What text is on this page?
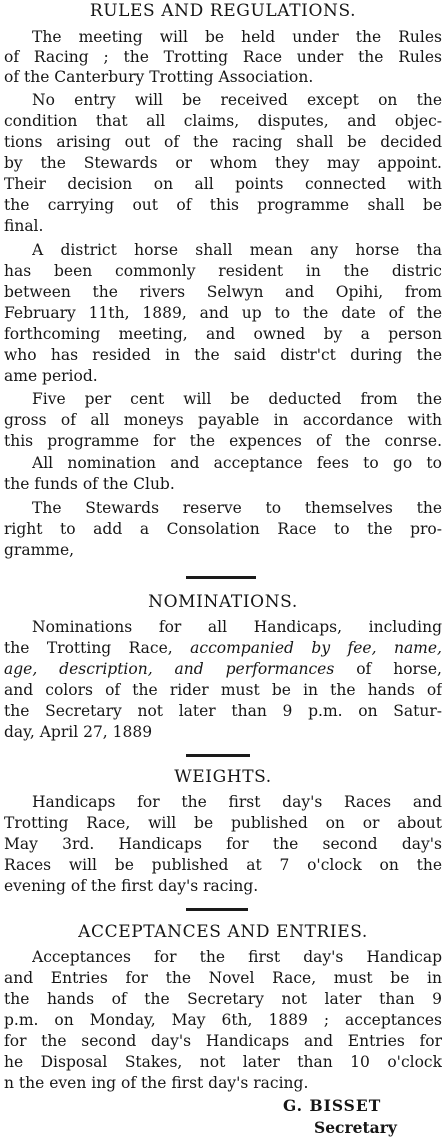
RULES AND REGULATIONS.
The meeting will be held under the Rules
of Racing ; the Trotting Race under the Rules
of the Canterbury Trotting Association.
No entry will be received except on the
condition that all claims, disputes, and objec-
tions arising out of the racing shall be decided
by the Stewards or whom they may appoint.
Their decision on all points connected with
the carrying out of this programme shall be
final.
A district horse shall mean any horse tha
has been commonly resident in the distric
between the rivers Selwyn and Opihi, from
February 11th, 1889, and up to the date of the
forthcoming meeting, and owned by a person
who has resided in the said distr'ct during the
ame period.
Five per cent will be deducted from the
gross of all moneys payable in accordance with
this programme for the expences of the conrse.
All nomination and acceptance fees to go to
the funds of the Club.
The Stewards reserve to themselves the
right to add a Consolation Race to the pro-
gramme,
NOMINATIONS.
Nominations for all Handicaps, including
the Trotting Race, accompanied by fee, name,
age, description, and performances of horse,
and colors of the rider must be in the hands of
the Secretary not later than 9 p.m. on Satur-
day, April 27, 1889
WEIGHTS.
Handicaps for the first day's Races and
Trotting Race, will be published on or about
May 3rd. Handicaps for the second day's
Races will be published at 7 o'clock on the
evening of the first day's racing.
ACCEPTANCES AND ENTRIES.
Acceptances for the first day's Handicap
and Entries for the Novel Race, must be in
the hands of the Secretary not later than 9
p.m. on Monday, May 6th, 1889 ; acceptances
for the second day's Handicaps and Entries for
he Disposal Stakes, not later than 10 o'clock
n the even ing of the first day's racing.
G. BISSET
Secretary
